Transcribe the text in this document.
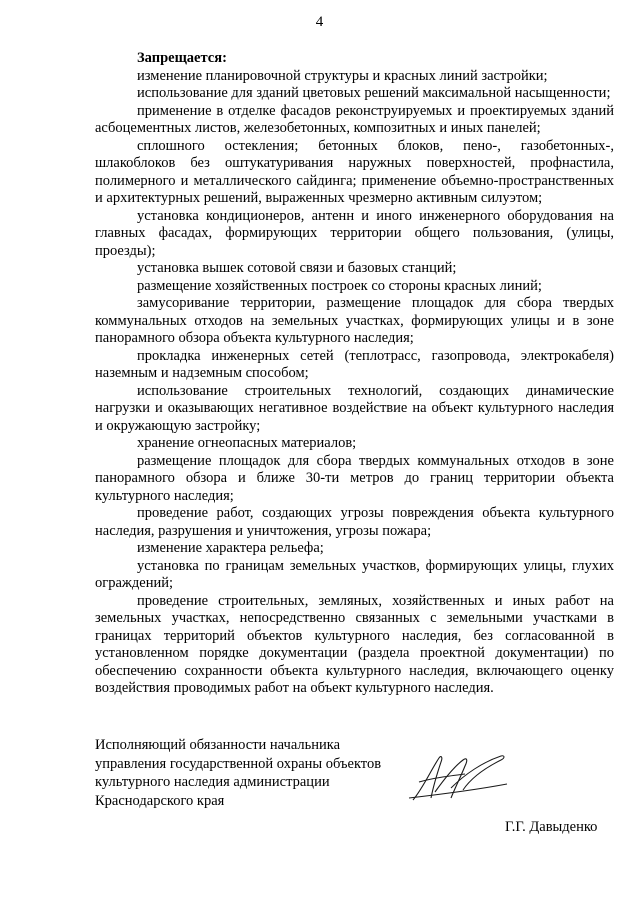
4
Запрещается:

изменение планировочной структуры и красных линий застройки;

использование для зданий цветовых решений максимальной насыщенности;

применение в отделке фасадов реконструируемых и проектируемых зданий асбоцементных листов, железобетонных, композитных и иных панелей;

сплошного остекления; бетонных блоков, пено-, газобетонных-, шлакоблоков без оштукатуривания наружных поверхностей, профнастила, полимерного и металлического сайдинга; применение объемно-пространственных и архитектурных решений, выраженных чрезмерно активным силуэтом;

установка кондиционеров, антенн и иного инженерного оборудования на главных фасадах, формирующих территории общего пользования, (улицы, проезды);

установка вышек сотовой связи и базовых станций;

размещение хозяйственных построек со стороны красных линий;

замусоривание территории, размещение площадок для сбора твердых коммунальных отходов на земельных участках, формирующих улицы и в зоне панорамного обзора объекта культурного наследия;

прокладка инженерных сетей (теплотрасс, газопровода, электрокабеля) наземным и надземным способом;

использование строительных технологий, создающих динамические нагрузки и оказывающих негативное воздействие на объект культурного наследия и окружающую застройку;

хранение огнеопасных материалов;

размещение площадок для сбора твердых коммунальных отходов в зоне панорамного обзора и ближе 30-ти метров до границ территории объекта культурного наследия;

проведение работ, создающих угрозы повреждения объекта культурного наследия, разрушения и уничтожения, угрозы пожара;

изменение характера рельефа;

установка по границам земельных участков, формирующих улицы, глухих ограждений;

проведение строительных, земляных, хозяйственных и иных работ на земельных участках, непосредственно связанных с земельными участками в границах территорий объектов культурного наследия, без согласованной в установленном порядке документации (раздела проектной документации) по обеспечению сохранности объекта культурного наследия, включающего оценку воздействия проводимых работ на объект культурного наследия.

Исполняющий обязанности начальника
управления государственной охраны объектов
культурного наследия администрации
Краснодарского края
Г.Г. Давыденко
